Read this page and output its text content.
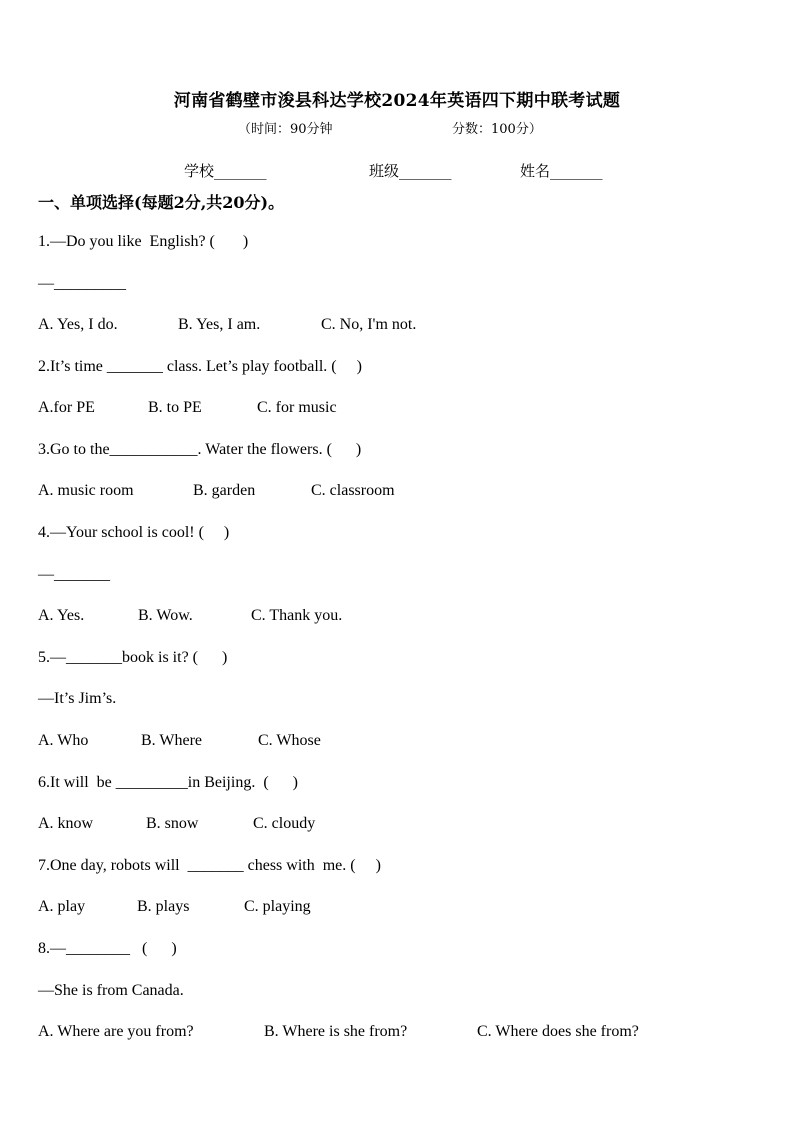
河南省鹤壁市浚县科达学校2024年英语四下期中联考试题
（时间：90分钟	分数：100分）
学校_______	班级_______	姓名_______
一、单项选择(每题2分,共20分)。
1.—Do you like  English? (       )
—_________
A. Yes, I do.	B. Yes, I am.	C. No, I'm not.
2.It’s time _______ class. Let’s play football. (     )
A.for PE	B. to PE	C. for music
3.Go to the___________. Water the flowers. (      )
A. music room	B. garden	C. classroom
4.—Your school is cool! (     )
—_______
A. Yes.	B. Wow.	C. Thank you.
5.—_______book is it? (      )
—It’s Jim’s.
A. Who	B. Where	C. Whose
6.It will  be _________in Beijing.  (      )
A. know	B. snow	C. cloudy
7.One day, robots will  _______ chess with  me. (     )
A. play	B. plays	C. playing
8.—________   (      )
—She is from Canada.
A. Where are you from?	B. Where is she from?	C. Where does she from?
